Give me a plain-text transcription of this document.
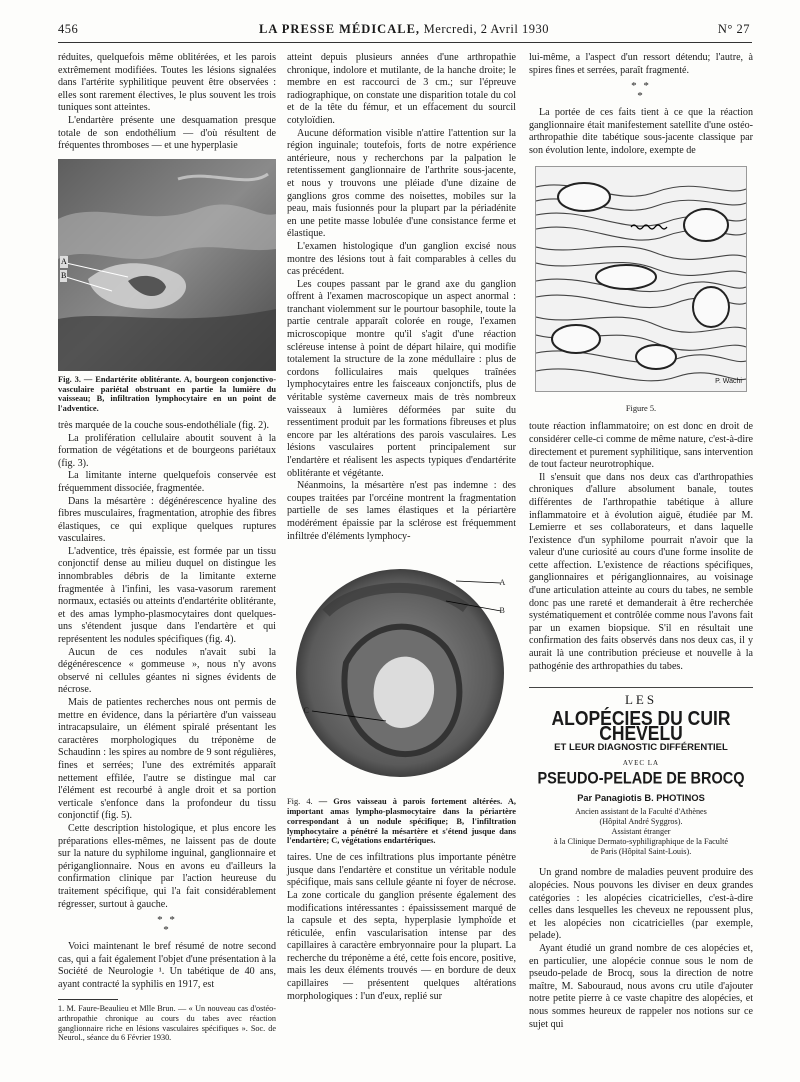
456	LA PRESSE MÉDICALE, Mercredi, 2 Avril 1930	N° 27

réduites, quelquefois même oblitérées, et les parois extrêmement modifiées. Toutes les lésions signalées dans l'artérite syphilitique peuvent être observées : elles sont rarement électives, le plus souvent les trois tuniques sont atteintes.

L'endartère présente une desquamation presque totale de son endothélium — d'où résultent de fréquentes thromboses — et une hyperplasie

A
B
Fig. 3. — Endartérite oblitérante. A, bourgeon conjonctivo-vasculaire pariétal obstruant en partie la lumière du vaisseau; B, infiltration lymphocytaire en un point de l'adventice.

très marquée de la couche sous-endothéliale (fig. 2).

La prolifération cellulaire aboutit souvent à la formation de végétations et de bourgeons pariétaux (fig. 3).

La limitante interne quelquefois conservée est fréquemment dissociée, fragmentée.

Dans la mésartère : dégénérescence hyaline des fibres musculaires, fragmentation, atrophie des fibres élastiques, ce qui explique quelques ruptures vasculaires.

L'adventice, très épaissie, est formée par un tissu conjonctif dense au milieu duquel on distingue les innombrables débris de la limitante externe fragmentée à l'infini, les vasa-vasorum rarement normaux, ectasiés ou atteints d'endartérite oblitérante, et des amas lympho-plasmocytaires dont quelques-uns s'étendent jusque dans l'endartère et qui représentent les nodules spécifiques (fig. 4).

Aucun de ces nodules n'avait subi la dégénérescence « gommeuse », nous n'y avons observé ni cellules géantes ni signes évidents de nécrose.

Mais de patientes recherches nous ont permis de mettre en évidence, dans la périartère d'un vaisseau intracapsulaire, un élément spiralé présentant les caractères morphologiques du tréponème de Schaudinn : les spires au nombre de 9 sont régulières, fines et serrées; l'une des extrémités apparaît nettement effilée, l'autre se distingue mal car l'élément est recourbé à angle droit et sa portion verticale s'enfonce dans la profondeur du tissu conjonctif (fig. 5).

Cette description histologique, et plus encore les préparations elles-mêmes, ne laissent pas de doute sur la nature du syphilome inguinal, ganglionnaire et périganglionnaire. Nous en avons eu d'ailleurs la confirmation clinique par l'action heureuse du traitement spécifique, qui l'a fait considérablement régresser, surtout à gauche.

* *
*

Voici maintenant le bref résumé de notre second cas, qui a fait également l'objet d'une présentation à la Société de Neurologie ¹. Un tabétique de 40 ans, ayant contracté la syphilis en 1917, est

1. M. Faure-Beaulieu et Mlle Brun. — « Un nouveau cas d'ostéo-arthropathie chronique au cours du tabes avec réaction ganglionnaire riche en lésions vasculaires spécifiques ». Soc. de Neurol., séance du 6 Février 1930.

atteint depuis plusieurs années d'une arthropathie chronique, indolore et mutilante, de la hanche droite; le membre en est raccourci de 3 cm.; sur l'épreuve radiographique, on constate une disparition totale du col et de la tête du fémur, et un effacement du sourcil cotyloïdien.

Aucune déformation visible n'attire l'attention sur la région inguinale; toutefois, forts de notre expérience antérieure, nous y recherchons par la palpation le retentissement ganglionnaire de l'arthrite sous-jacente, et nous y trouvons une pléiade d'une dizaine de ganglions gros comme des noisettes, mobiles sur la peau, mais fusionnés pour la plupart par la périadénite en une petite masse lobulée d'une consistance ferme et élastique.

L'examen histologique d'un ganglion excisé nous montre des lésions tout à fait comparables à celles du cas précédent.

Les coupes passant par le grand axe du ganglion offrent à l'examen macroscopique un aspect anormal : tranchant violemment sur le pourtour basophile, toute la partie centrale apparaît colorée en rouge, l'examen microscopique montre qu'il s'agit d'une réaction scléreuse intense à point de départ hilaire, qui modifie totalement la structure de la zone médullaire : plus de cordons folliculaires mais quelques traînées lymphocytaires entre les faisceaux conjonctifs, plus de véritable système caverneux mais de très nombreux vaisseaux à lumières déformées par suite du ressentiment produit par les formations fibreuses et plus encore par les altérations des parois vasculaires. Les lésions vasculaires portent principalement sur l'endartère et réalisent les aspects typiques d'endartérite oblitérante et végétante.

Néanmoins, la mésartère n'est pas indemne : des coupes traitées par l'orcéine montrent la fragmentation partielle de ses lames élastiques et la périartère modérément épaissie par la sclérose est fréquemment infiltrée d'éléments lymphocy-

A
B
C
Fig. 4. — Gros vaisseau à parois fortement altérées. A, important amas lympho-plasmocytaire dans la périartère correspondant à un nodule spécifique; B, l'infiltration lymphocytaire a pénétré la mésartère et s'étend jusque dans l'endartère; C, végétations endartériques.

taires. Une de ces infiltrations plus importante pénètre jusque dans l'endartère et constitue un véritable nodule spécifique, mais sans cellule géante ni foyer de nécrose. La zone corticale du ganglion présente également des modifications intéressantes : épaississement marqué de la capsule et des septa, hyperplasie lymphoïde et réticulée, enfin vascularisation intense par des capillaires à caractère embryonnaire pour la plupart. La recherche du tréponème a été, cette fois encore, positive, mais les deux éléments trouvés — en bordure de deux capillaires — présentent quelques altérations morphologiques : l'un d'eux, replié sur

lui-même, a l'aspect d'un ressort détendu; l'autre, à spires fines et serrées, paraît fragmenté.

* *
*

La portée de ces faits tient à ce que la réaction ganglionnaire était manifestement satellite d'une ostéo-arthropathie dite tabétique sous-jacente classique par son évolution lente, indolore, exempte de

P. Wachi
Figure 5.

toute réaction inflammatoire; on est donc en droit de considérer celle-ci comme de même nature, c'est-à-dire directement et purement syphilitique, sans intervention de tout facteur neurotrophique.

Il s'ensuit que dans nos deux cas d'arthropathies chroniques d'allure absolument banale, toutes différentes de l'arthropathie tabétique à allure inflammatoire et à évolution aiguë, étudiée par M. Lemierre et ses collaborateurs, et dans laquelle l'existence d'un syphilome pourrait n'avoir que la valeur d'une curiosité au cours d'une forme insolite de cette affection. L'existence de réactions spécifiques, ganglionnaires et périganglionnaires, au voisinage d'une articulation atteinte au cours du tabes, ne semble donc pas une rareté et demanderait à être recherchée systématiquement et contrôlée comme nous l'avons fait par un examen biopsique. S'il en résultait une confirmation des faits observés dans nos deux cas, il y aurait là une contribution précieuse et nouvelle à la pathogénie des arthropathies du tabes.

LES
ALOPÉCIES DU CUIR CHEVELU
ET LEUR DIAGNOSTIC DIFFÉRENTIEL
AVEC LA
PSEUDO-PELADE DE BROCQ
Par Panagiotis B. PHOTINOS
Ancien assistant de la Faculté d'Athènes
(Hôpital André Syggros).
Assistant étranger
à la Clinique Dermato-syphiligraphique de la Faculté
de Paris (Hôpital Saint-Louis).

Un grand nombre de maladies peuvent produire des alopécies. Nous pouvons les diviser en deux grandes catégories : les alopécies cicatricielles, c'est-à-dire celles dans lesquelles les cheveux ne repoussent plus, et les alopécies non cicatricielles (par exemple, pelade).

Ayant étudié un grand nombre de ces alopécies et, en particulier, une alopécie connue sous le nom de pseudo-pelade de Brocq, sous la direction de notre maître, M. Sabouraud, nous avons cru utile d'ajouter notre petite pierre à ce vaste chapitre des alopécies, et nous sommes heureux de rappeler nos notions sur ce sujet qui
